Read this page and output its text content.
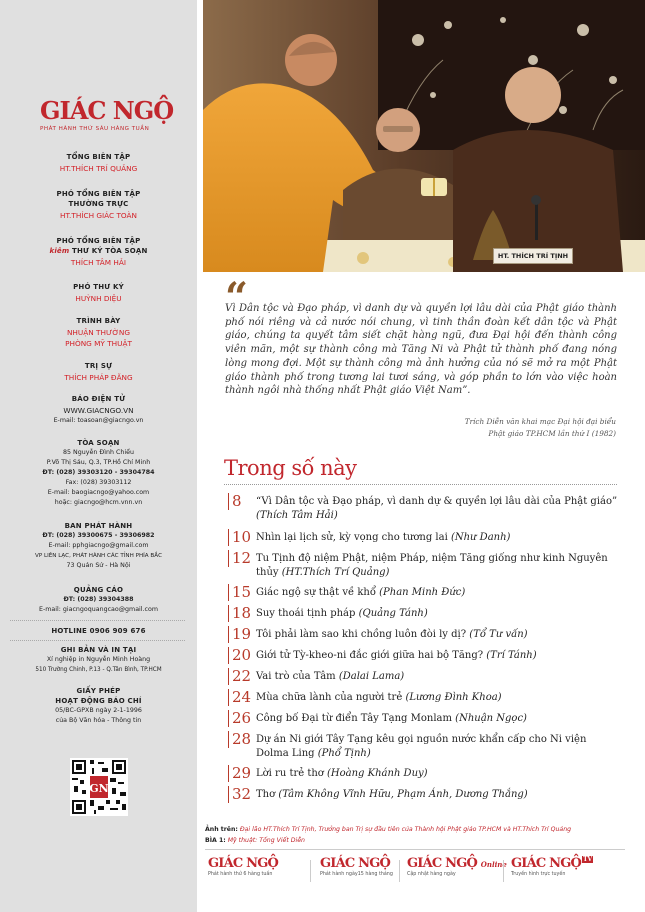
GIÁC NGỘ
PHÁT HÀNH THỨ SÁU HÀNG TUẦN
TỔNG BIÊN TẬP
HT.THÍCH TRÍ QUẢNG
PHÓ TỔNG BIÊN TẬP
THƯỜNG TRỰC
HT.THÍCH GIÁC TOÀN
PHÓ TỔNG BIÊN TẬP
kiêm THƯ KÝ TÒA SOẠN
THÍCH TÂM HẢI
PHÓ THƯ KÝ
HUỲNH DIỆU
TRÌNH BÀY
NHUẬN THƯỜNG
PHÒNG MỸ THUẬT
TRỊ SỰ
THÍCH PHÁP ĐĂNG
BÁO ĐIỆN TỬ
WWW.GIACNGO.VN
E-mail: toasoan@giacngo.vn
TÒA SOẠN
85 Nguyễn Đình Chiểu
P.Võ Thị Sáu, Q.3, TP.Hồ Chí Minh
ĐT: (028) 39303120 - 39304784
Fax: (028) 39303112
E-mail: baogiacngo@yahoo.com
hoặc: giacngo@hcm.vnn.vn
BAN PHÁT HÀNH
ĐT: (028) 39300675 - 39306982
E-mail: pphgiacngo@gmail.com
VP LIÊN LẠC, PHÁT HÀNH CÁC TỈNH PHÍA BẮC
73 Quán Sứ - Hà Nội
QUẢNG CÁO
ĐT: (028) 39304388
E-mail: giacngoquangcao@gmail.com
HOTLINE 0906 909 676
GHI BẢN VÀ IN TẠI
Xí nghiệp in Nguyễn Minh Hoàng
510 Trường Chinh, P.13 - Q.Tân Bình, TP.HCM
GIẤY PHÉP
HOẠT ĐỘNG BÁO CHÍ
05/BC-GPXB ngày 2-1-1996
của Bộ Văn hóa - Thông tin
GN
HT. THÍCH TRÍ TỊNH
“
Vì Dân tộc và Đạo pháp, vì danh dự và quyền lợi lâu dài của Phật giáo thành phố nói riêng và cả nước nói chung, vì tinh thần đoàn kết dân tộc và Phật giáo, chúng ta quyết tâm siết chặt hàng ngũ, đưa Đại hội đến thành công viên mãn, một sự thành công mà Tăng Ni và Phật tử thành phố đang nóng lòng mong đợi. Một sự thành công mà ảnh hưởng của nó sẽ mở ra một Phật giáo thành phố trong tương lai tươi sáng, và góp phần to lớn vào việc hoàn thành ngôi nhà thống nhất Phật giáo Việt Nam”.
Trích Diễn văn khai mạc Đại hội đại biểu
Phật giáo TP.HCM lần thứ I (1982)
Trong số này
8	“Vì Dân tộc và Đạo pháp, vì danh dự & quyền lợi lâu dài của Phật giáo” (Thích Tâm Hải)
10 Nhìn lại lịch sử, kỳ vọng cho tương lai (Như Danh)
12 Tu Tịnh độ niệm Phật, niệm Pháp, niệm Tăng giống như kinh Nguyên thủy (HT.Thích Trí Quảng)
15 Giác ngộ sự thật về khổ (Phan Minh Đức)
18 Suy thoái tịnh pháp (Quảng Tánh)
19 Tôi phải làm sao khi chồng luôn đòi ly dị? (Tổ Tư vấn)
20 Giới tử Tỳ-kheo-ni đắc giới giữa hai bộ Tăng? (Trí Tánh)
22 Vai trò của Tâm (Dalai Lama)
24 Mùa chữa lành của người trẻ (Lương Đình Khoa)
26 Công bố Đại từ điển Tây Tạng Monlam (Nhuận Ngọc)
28 Dự án Ni giới Tây Tạng kêu gọi nguồn nước khẩn cấp cho Ni viện Dolma Ling (Phổ Tịnh)
29 Lời ru trẻ thơ (Hoàng Khánh Duy)
32 Thơ (Tâm Không Vĩnh Hữu, Phạm Ánh, Dương Thắng)
Ảnh trên: Đại lão HT.Thích Trí Tịnh, Trưởng ban Trị sự đầu tiên của Thành hội Phật giáo TP.HCM và HT.Thích Trí Quảng
BÌA 1: Mỹ thuật: Tống Viết Diễn
GIÁC NGỘ
Phát hành thứ 6 hàng tuần
GIÁC NGỘ
Phát hành ngày15 hàng tháng
GIÁC NGỘ Online
Cập nhật hàng ngày
GIÁC NGỘ TV
Truyền hình trực tuyến
